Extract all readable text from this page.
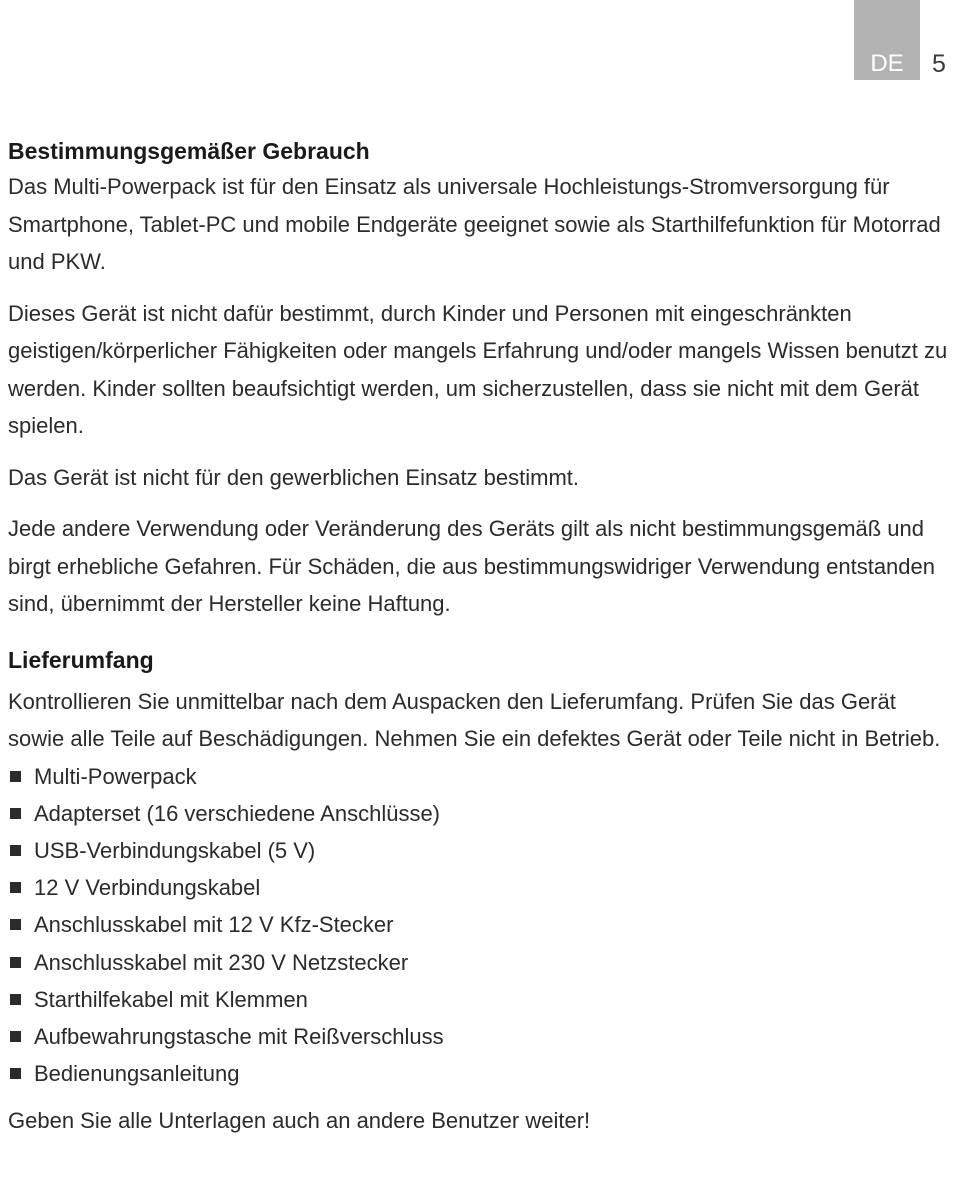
DE 5
Bestimmungsgemäßer Gebrauch

Das Multi-Powerpack ist für den Einsatz als universale Hochleistungs-Stromversorgung für Smartphone, Tablet-PC und mobile Endgeräte geeignet sowie als Starthilfefunktion für Motorrad und PKW.

Dieses Gerät ist nicht dafür bestimmt, durch Kinder und Personen mit eingeschränkten geistigen/körperlicher Fähigkeiten oder mangels Erfahrung und/oder mangels Wissen benutzt zu werden. Kinder sollten beaufsichtigt werden, um sicherzustellen, dass sie nicht mit dem Gerät spielen.

Das Gerät ist nicht für den gewerblichen Einsatz bestimmt.

Jede andere Verwendung oder Veränderung des Geräts gilt als nicht bestimmungsgemäß und birgt erhebliche Gefahren. Für Schäden, die aus bestimmungswidriger Verwendung entstanden sind, übernimmt der Hersteller keine Haftung.

Lieferumfang

Kontrollieren Sie unmittelbar nach dem Auspacken den Lieferumfang. Prüfen Sie das Gerät sowie alle Teile auf Beschädigungen. Nehmen Sie ein defektes Gerät oder Teile nicht in Betrieb.

Multi-Powerpack
Adapterset (16 verschiedene Anschlüsse)
USB-Verbindungskabel (5 V)
12 V Verbindungskabel
Anschlusskabel mit 12 V Kfz-Stecker
Anschlusskabel mit 230 V Netzstecker
Starthilfekabel mit Klemmen
Aufbewahrungstasche mit Reißverschluss
Bedienungsanleitung

Geben Sie alle Unterlagen auch an andere Benutzer weiter!
